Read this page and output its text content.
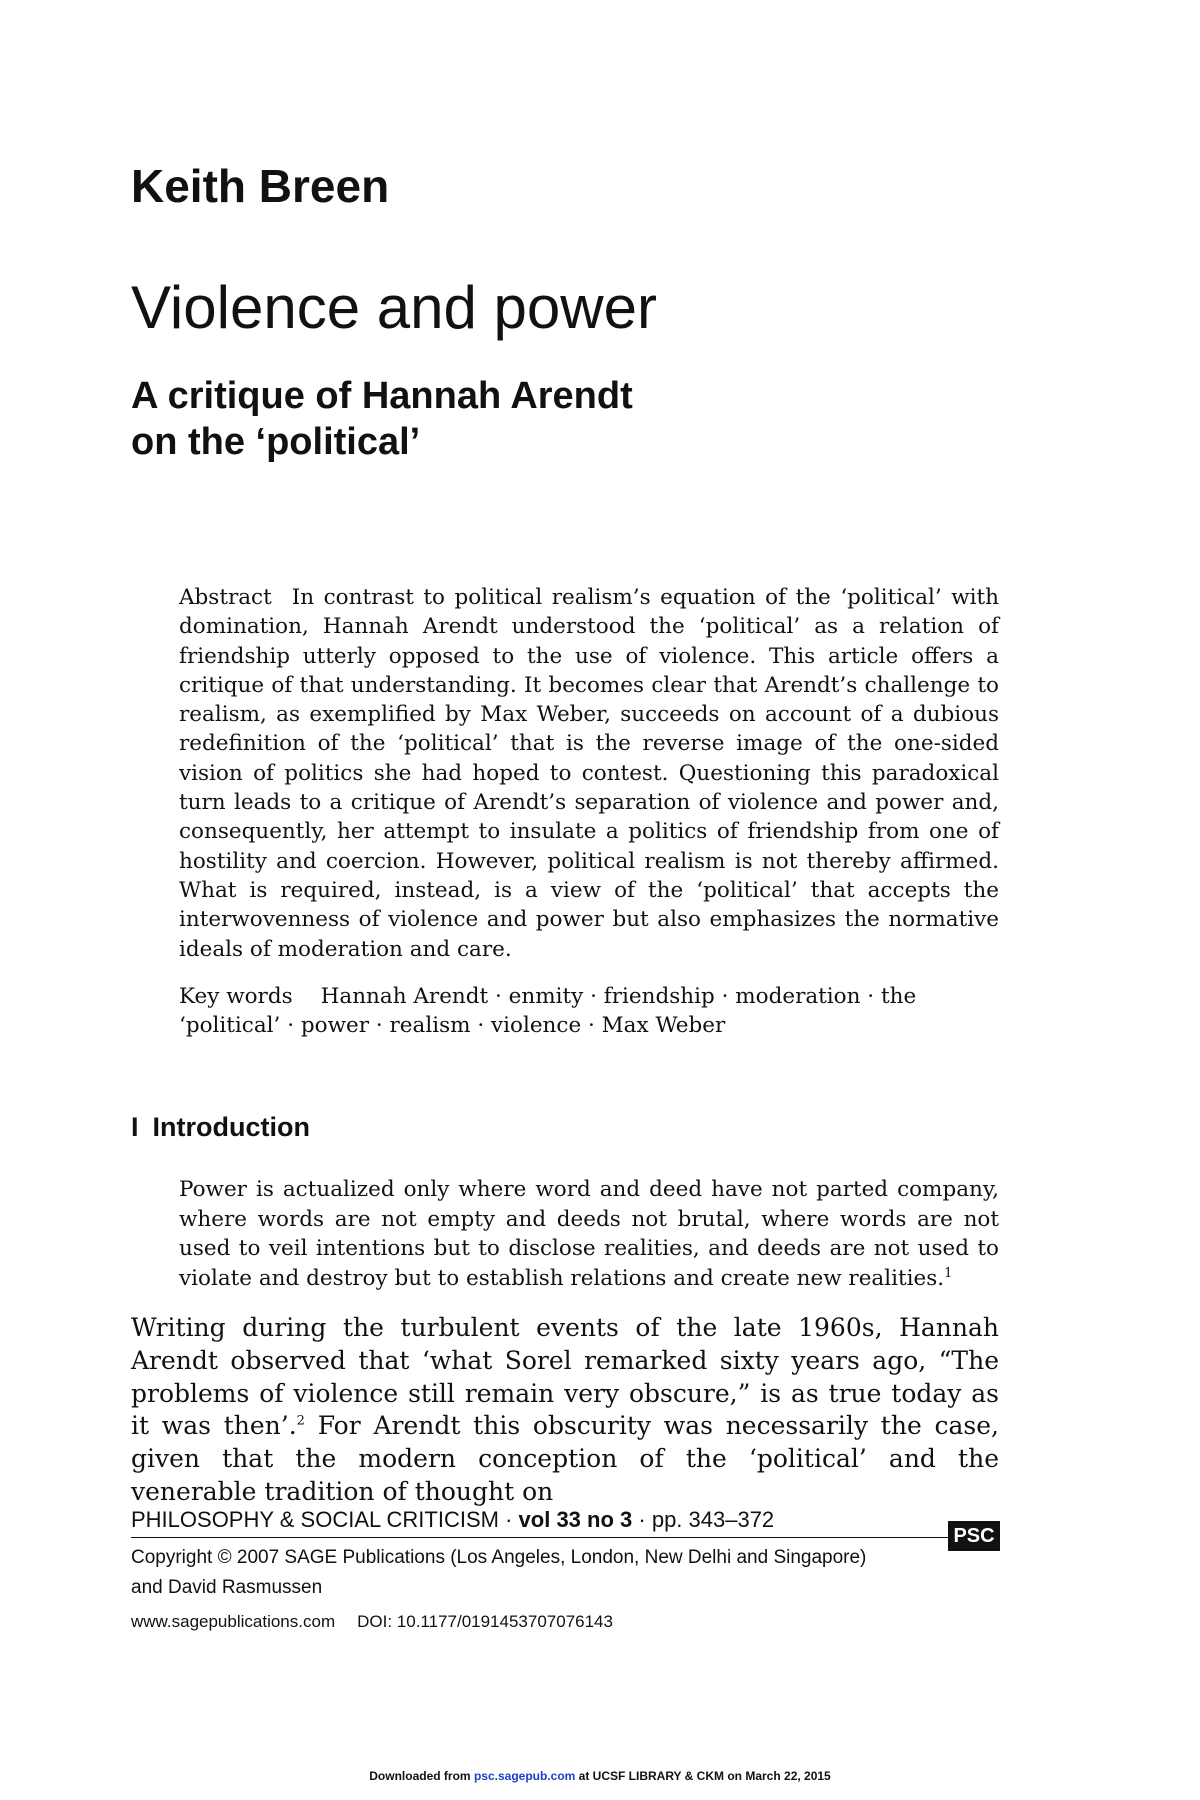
Keith Breen
Violence and power
A critique of Hannah Arendt
on the ‘political’
Abstract In contrast to political realism’s equation of the ‘political’ with domination, Hannah Arendt understood the ‘political’ as a relation of friendship utterly opposed to the use of violence. This article offers a critique of that understanding. It becomes clear that Arendt’s challenge to realism, as exemplified by Max Weber, succeeds on account of a dubious redefinition of the ‘political’ that is the reverse image of the one-sided vision of politics she had hoped to contest. Questioning this paradoxical turn leads to a critique of Arendt’s separation of violence and power and, consequently, her attempt to insulate a politics of friendship from one of hostility and coercion. However, political realism is not thereby affirmed. What is required, instead, is a view of the ‘political’ that accepts the interwovenness of violence and power but also emphasizes the normative ideals of moderation and care.
Key words Hannah Arendt · enmity · friendship · moderation · the ‘political’ · power · realism · violence · Max Weber
I Introduction
Power is actualized only where word and deed have not parted company, where words are not empty and deeds not brutal, where words are not used to veil intentions but to disclose realities, and deeds are not used to violate and destroy but to establish relations and create new realities.$^1$
Writing during the turbulent events of the late 1960s, Hannah Arendt observed that ‘what Sorel remarked sixty years ago, “The problems of violence still remain very obscure,” is as true today as it was then’.$^2$ For Arendt this obscurity was necessarily the case, given that the modern conception of the ‘political’ and the venerable tradition of thought on
PHILOSOPHY & SOCIAL CRITICISM · vol 33 no 3 · pp. 343–372
PSC
Copyright © 2007 SAGE Publications (Los Angeles, London, New Delhi and Singapore)
and David Rasmussen
www.sagepublications.com DOI: 10.1177/0191453707076143
Downloaded from psc.sagepub.com at UCSF LIBRARY & CKM on March 22, 2015
